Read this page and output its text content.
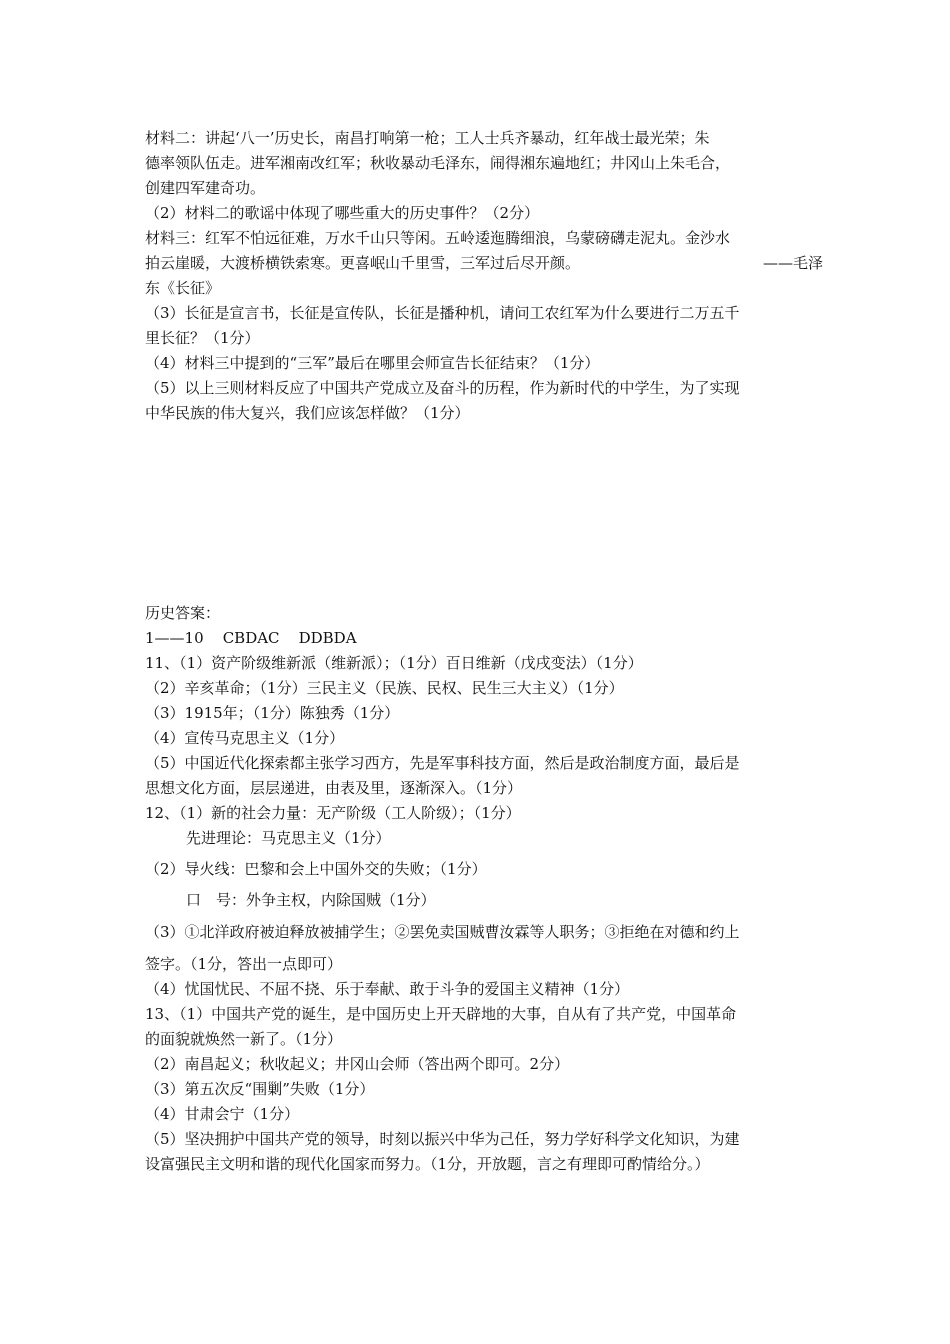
材料二：讲起‘八一’历史长，南昌打响第一枪；工人士兵齐暴动，红年战士最光荣；朱
德率领队伍走。进军湘南改红军；秋收暴动毛泽东，闹得湘东遍地红；井冈山上朱毛合，
创建四军建奇功。
（2）材料二的歌谣中体现了哪些重大的历史事件？（2分）
材料三：红军不怕远征难，万水千山只等闲。五岭逶迤腾细浪，乌蒙磅礴走泥丸。金沙水
拍云崖暖，大渡桥横铁索寒。更喜岷山千里雪，三军过后尽开颜。	——毛泽
东《长征》
（3）长征是宣言书，长征是宣传队，长征是播种机，请问工农红军为什么要进行二万五千
里长征？（1分）
（4）材料三中提到的“三军”最后在哪里会师宣告长征结束？（1分）
（5）以上三则材料反应了中国共产党成立及奋斗的历程，作为新时代的中学生，为了实现
中华民族的伟大复兴，我们应该怎样做？（1分）
历史答案：
1——10    CBDAC    DDBDA
11、（1）资产阶级维新派（维新派）；（1分）百日维新（戊戌变法）（1分）
（2）辛亥革命；（1分）三民主义（民族、民权、民生三大主义）（1分）
（3）1915年；（1分）陈独秀（1分）
（4）宣传马克思主义（1分）
（5）中国近代化探索都主张学习西方，先是军事科技方面，然后是政治制度方面，最后是
思想文化方面，层层递进，由表及里，逐渐深入。（1分）
12、（1）新的社会力量：无产阶级（工人阶级）；（1分）
先进理论：马克思主义（1分）
（2）导火线：巴黎和会上中国外交的失败；（1分）
口　号：外争主权，内除国贼（1分）
（3）①北洋政府被迫释放被捕学生；②罢免卖国贼曹汝霖等人职务；③拒绝在对德和约上
签字。（1分，答出一点即可）
（4）忧国忧民、不屈不挠、乐于奉献、敢于斗争的爱国主义精神（1分）
13、（1）中国共产党的诞生，是中国历史上开天辟地的大事，自从有了共产党，中国革命
的面貌就焕然一新了。（1分）
（2）南昌起义；秋收起义；井冈山会师（答出两个即可。2分）
（3）第五次反“围剿”失败（1分）
（4）甘肃会宁（1分）
（5）坚决拥护中国共产党的领导，时刻以振兴中华为己任，努力学好科学文化知识，为建
设富强民主文明和谐的现代化国家而努力。（1分，开放题，言之有理即可酌情给分。）
